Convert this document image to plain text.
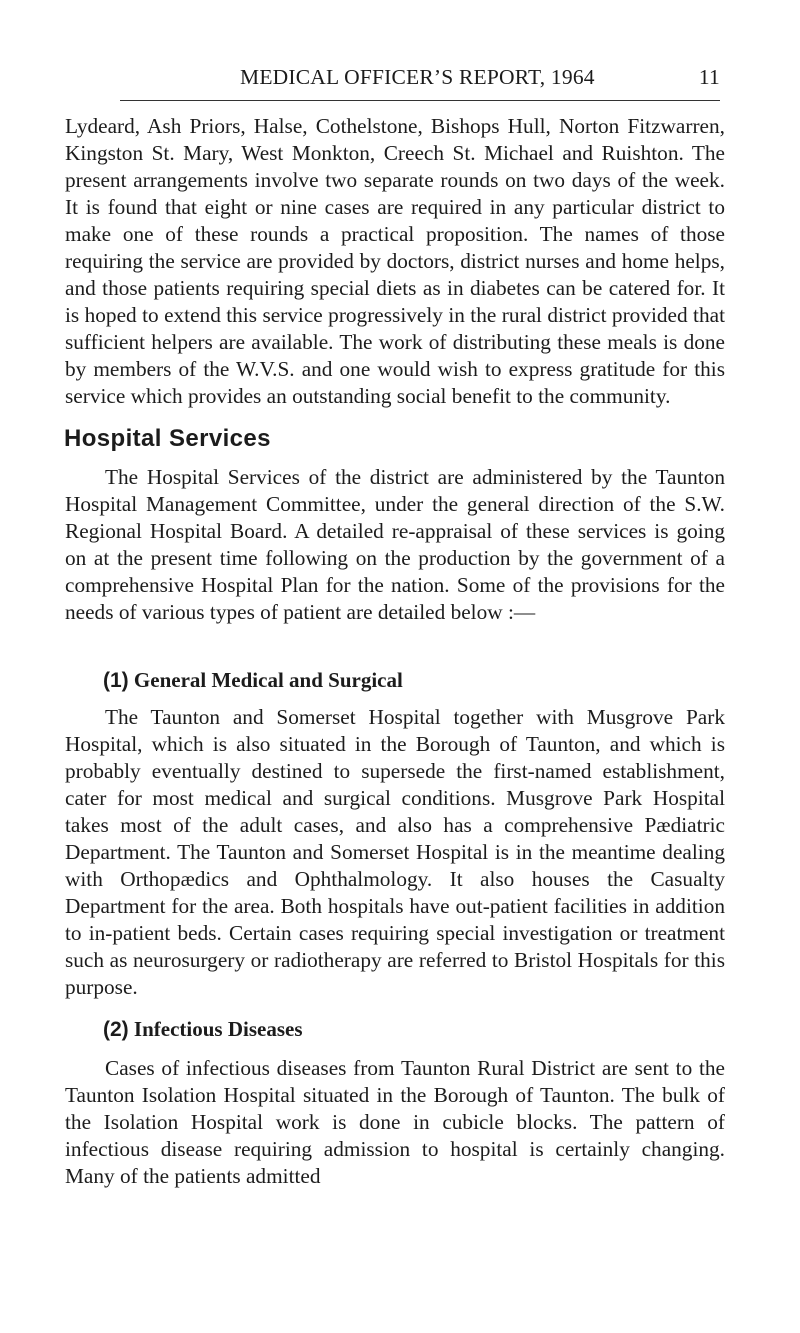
MEDICAL OFFICER’S REPORT, 1964	11

Lydeard, Ash Priors, Halse, Cothelstone, Bishops Hull, Norton Fitzwarren, Kingston St. Mary, West Monkton, Creech St. Michael and Ruishton. The present arrangements involve two separate rounds on two days of the week. It is found that eight or nine cases are required in any particular district to make one of these rounds a practical proposition. The names of those requiring the service are provided by doctors, district nurses and home helps, and those patients requiring special diets as in diabetes can be catered for. It is hoped to extend this service progressively in the rural district provided that sufficient helpers are available. The work of distributing these meals is done by members of the W.V.S. and one would wish to express gratitude for this service which provides an outstanding social benefit to the community.

Hospital Services

The Hospital Services of the district are administered by the Taunton Hospital Management Committee, under the general direction of the S.W. Regional Hospital Board. A detailed re-appraisal of these services is going on at the present time following on the production by the government of a comprehensive Hospital Plan for the nation. Some of the provisions for the needs of various types of patient are detailed below :—

(1) General Medical and Surgical

The Taunton and Somerset Hospital together with Musgrove Park Hospital, which is also situated in the Borough of Taunton, and which is probably eventually destined to supersede the first-named establishment, cater for most medical and surgical conditions. Musgrove Park Hospital takes most of the adult cases, and also has a comprehensive Pædiatric Department. The Taunton and Somerset Hospital is in the meantime dealing with Orthopædics and Ophthalmology. It also houses the Casualty Department for the area. Both hospitals have out-patient facilities in addition to in-patient beds. Certain cases requiring special investigation or treatment such as neurosurgery or radiotherapy are referred to Bristol Hospitals for this purpose.

(2) Infectious Diseases

Cases of infectious diseases from Taunton Rural District are sent to the Taunton Isolation Hospital situated in the Borough of Taunton. The bulk of the Isolation Hospital work is done in cubicle blocks. The pattern of infectious disease requiring admission to hospital is certainly changing. Many of the patients admitted
